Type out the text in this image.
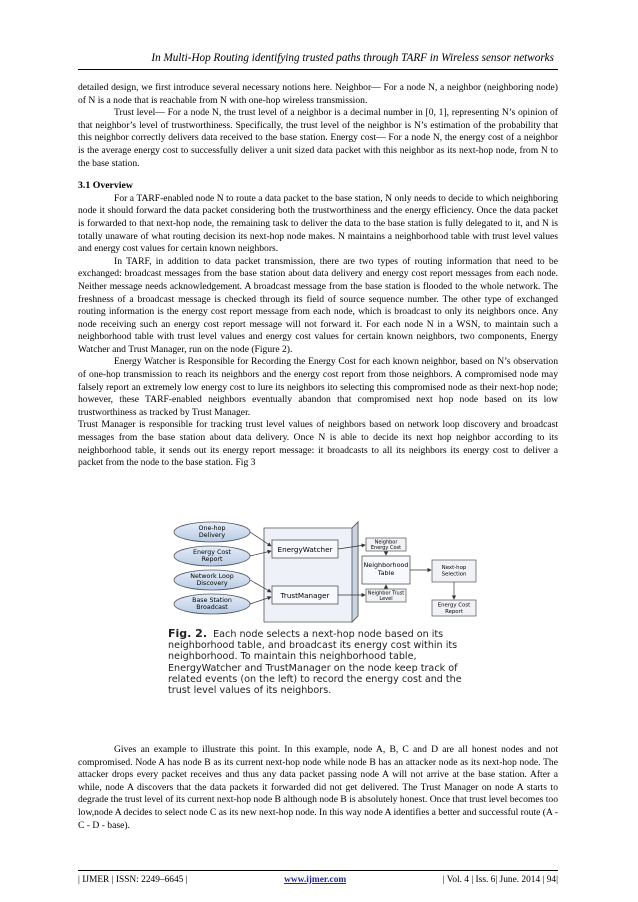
In Multi-Hop Routing identifying trusted paths through TARF in Wireless sensor networks

detailed design, we first introduce several necessary notions here. Neighbor— For a node N, a neighbor (neighboring node) of N is a node that is reachable from N with one-hop wireless transmission.

Trust level— For a node N, the trust level of a neighbor is a decimal number in [0, 1], representing N’s opinion of that neighbor’s level of trustworthiness. Specifically, the trust level of the neighbor is N’s estimation of the probability that this neighbor correctly delivers data received to the base station. Energy cost— For a node N, the energy cost of a neighbor is the average energy cost to successfully deliver a unit sized data packet with this neighbor as its next-hop node, from N to the base station.

3.1 Overview

For a TARF-enabled node N to route a data packet to the base station, N only needs to decide to which neighboring node it should forward the data packet considering both the trustworthiness and the energy efficiency. Once the data packet is forwarded to that next-hop node, the remaining task to deliver the data to the base station is fully delegated to it, and N is totally unaware of what routing decision its next-hop node makes. N maintains a neighborhood table with trust level values and energy cost values for certain known neighbors.

In TARF, in addition to data packet transmission, there are two types of routing information that need to be exchanged: broadcast messages from the base station about data delivery and energy cost report messages from each node. Neither message needs acknowledgement. A broadcast message from the base station is flooded to the whole network. The freshness of a broadcast message is checked through its field of source sequence number. The other type of exchanged routing information is the energy cost report message from each node, which is broadcast to only its neighbors once. Any node receiving such an energy cost report message will not forward it. For each node N in a WSN, to maintain such a neighborhood table with trust level values and energy cost values for certain known neighbors, two components, Energy Watcher and Trust Manager, run on the node (Figure 2).

Energy Watcher is Responsible for Recording the Energy Cost for each known neighbor, based on N’s observation of one-hop transmission to reach its neighbors and the energy cost report from those neighbors. A compromised node may falsely report an extremely low energy cost to lure its neighbors ito selecting this compromised node as their next-hop node; however, these TARF-enabled neighbors eventually abandon that compromised next hop node based on its low trustworthiness as tracked by Trust Manager.

Trust Manager is responsible for tracking trust level values of neighbors based on network loop discovery and broadcast messages from the base station about data delivery. Once N is able to decide its next hop neighbor according to its neighborhood table, it sends out its energy report message: it broadcasts to all its neighbors its energy cost to deliver a packet from the node to the base station. Fig 3

EnergyWatcher
TrustManager
One-hop Delivery
Energy Cost Report
Network Loop Discovery
Base Station Broadcast
Neighbor Energy Cost
Neighborhood Table
Neighbor Trust Level
Next-hop Selection
Energy Cost Report
Fig. 2. Each node selects a next-hop node based on its neighborhood table, and broadcast its energy cost within its neighborhood. To maintain this neighborhood table, EnergyWatcher and TrustManager on the node keep track of related events (on the left) to record the energy cost and the trust level values of its neighbors.

Gives an example to illustrate this point. In this example, node A, B, C and D are all honest nodes and not compromised. Node A has node B as its current next-hop node while node B has an attacker node as its next-hop node. The attacker drops every packet receives and thus any data packet passing node A will not arrive at the base station. After a while, node A discovers that the data packets it forwarded did not get delivered. The Trust Manager on node A starts to degrade the trust level of its current next-hop node B although node B is absolutely honest. Once that trust level becomes too low,node A decides to select node C as its new next-hop node. In this way node A identifies a better and successful route (A - C - D - base).

| IJMER | ISSN: 2249–6645 |	www.ijmer.com	| Vol. 4 | Iss. 6| June. 2014 | 94|
